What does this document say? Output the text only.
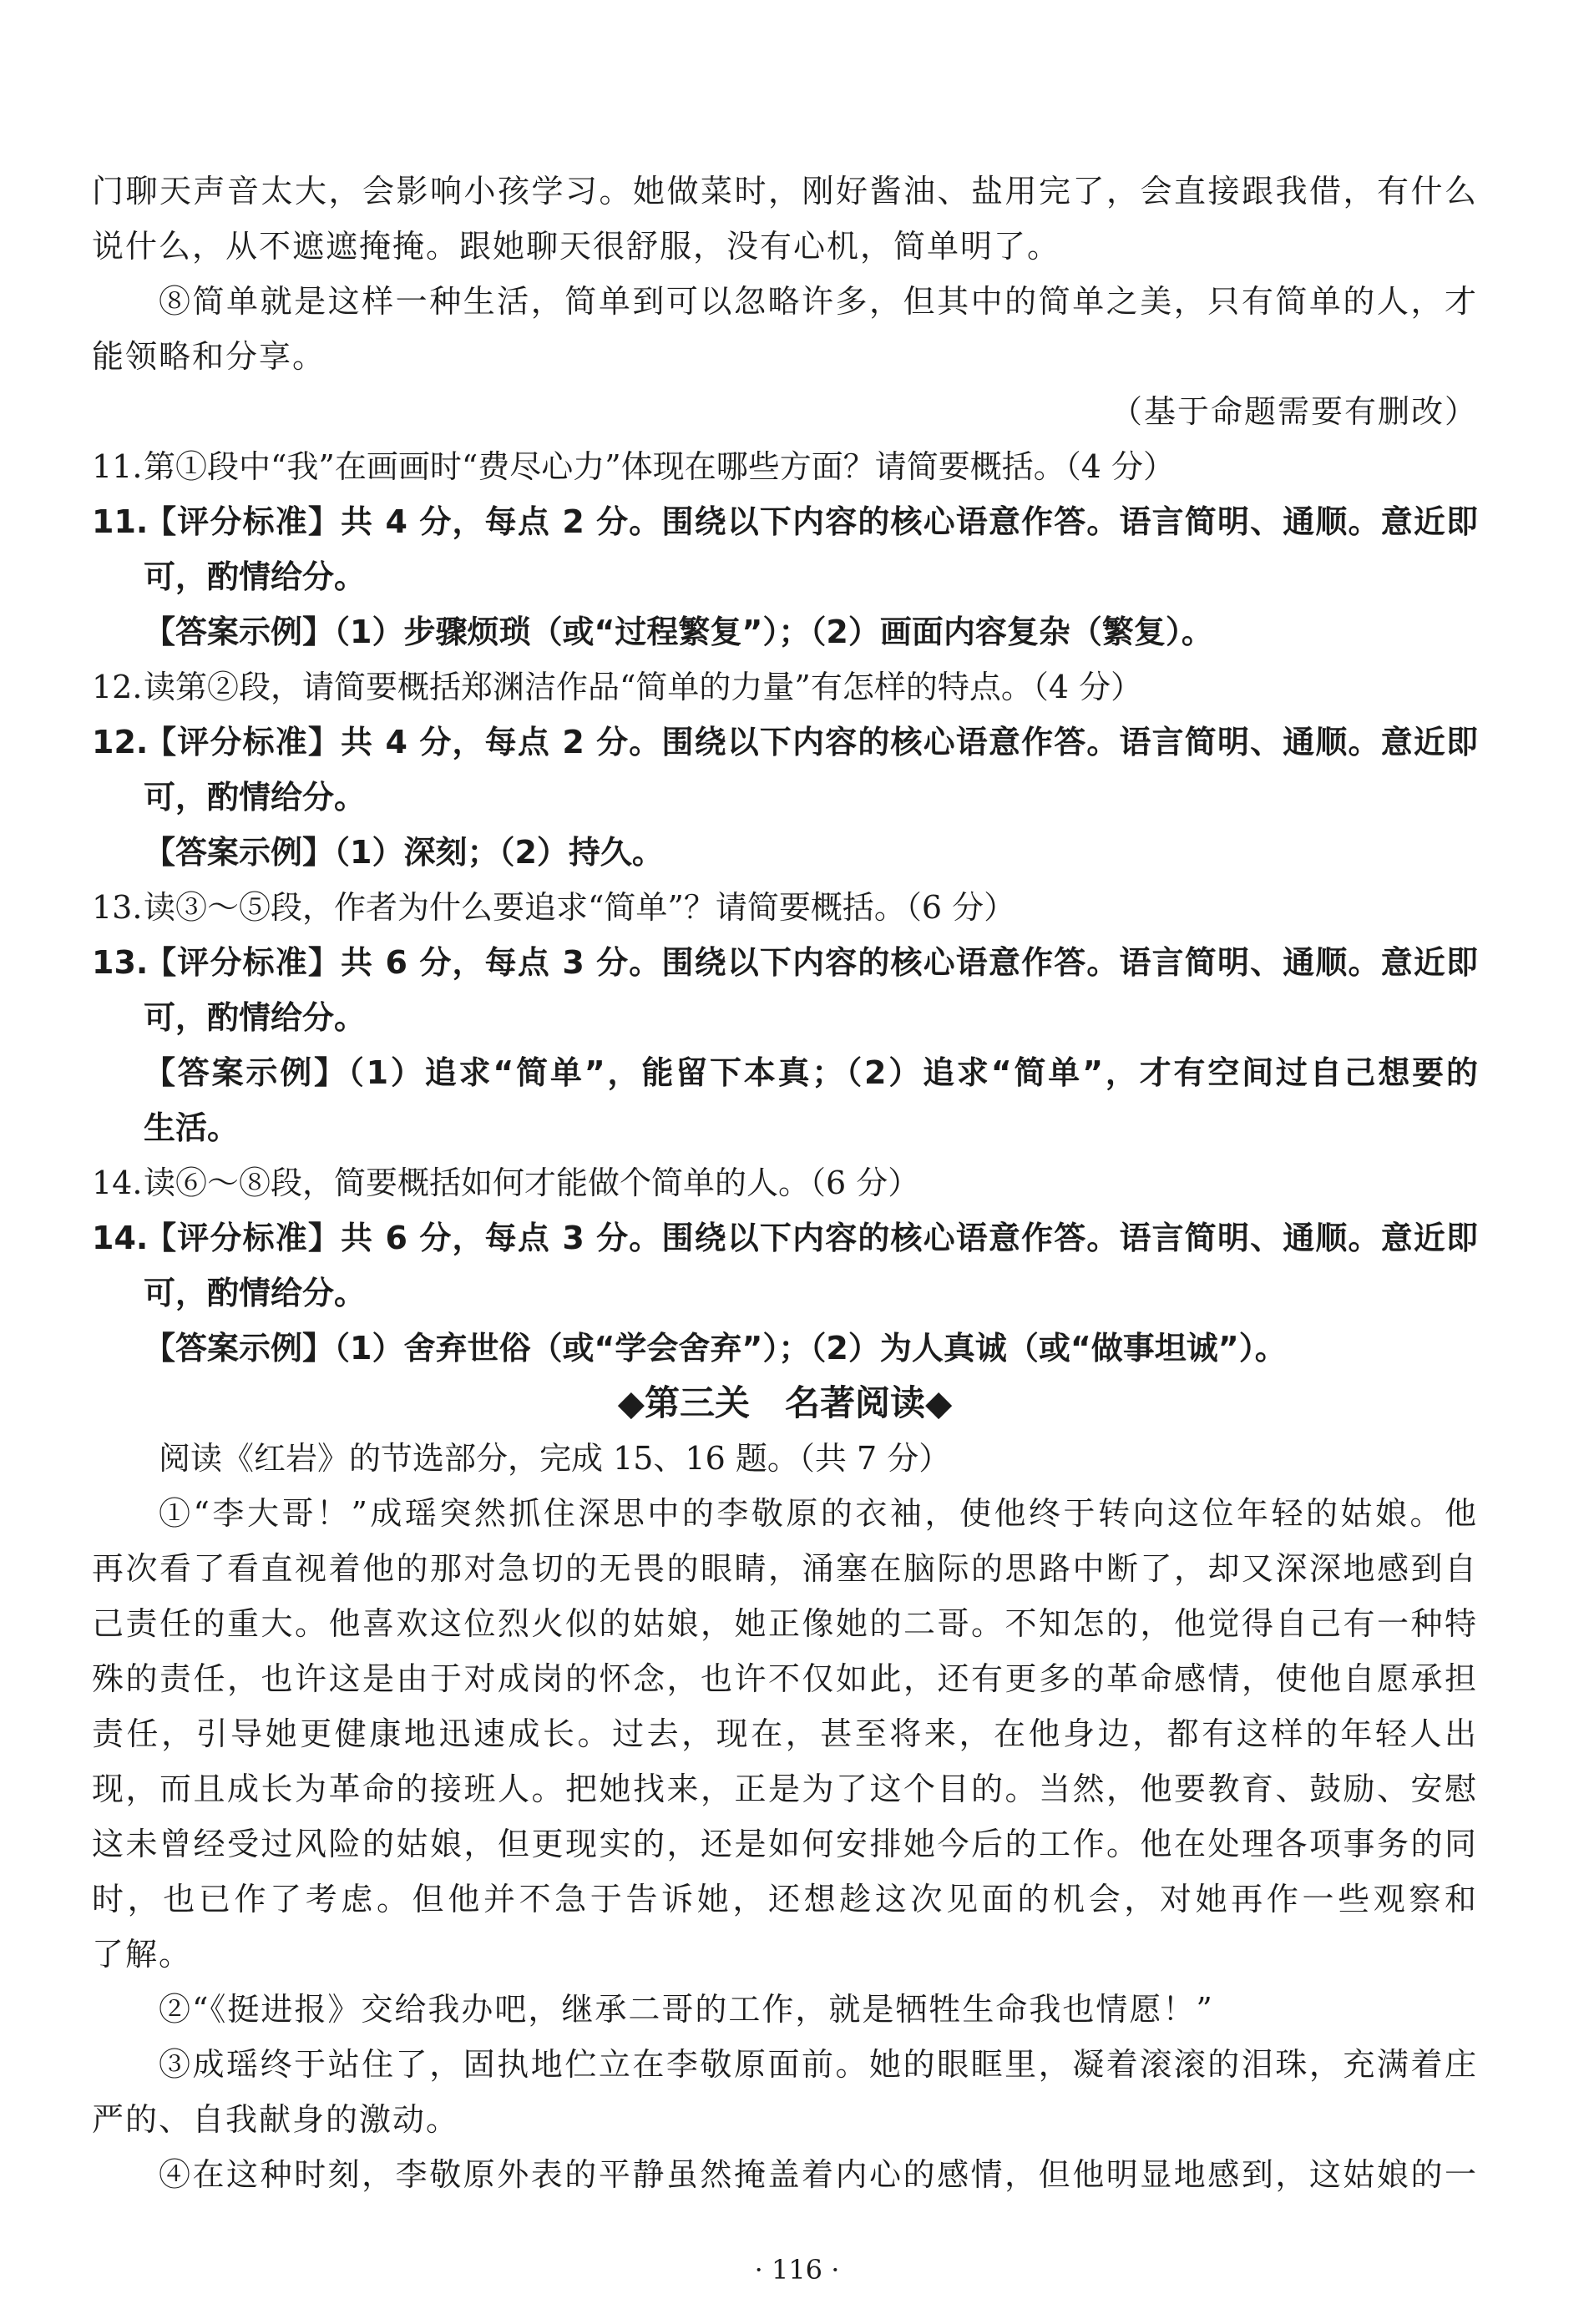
门聊天声音太大，会影响小孩学习。她做菜时，刚好酱油、盐用完了，会直接跟我借，有什么
说什么，从不遮遮掩掩。跟她聊天很舒服，没有心机，简单明了。
⑧简单就是这样一种生活，简单到可以忽略许多，但其中的简单之美，只有简单的人，才
能领略和分享。
（基于命题需要有删改）
11.第①段中“我”在画画时“费尽心力”体现在哪些方面？请简要概括。（4 分）
11.【评分标准】共 4 分，每点 2 分。围绕以下内容的核心语意作答。语言简明、通顺。意近即
可，酌情给分。
【答案示例】（1）步骤烦琐（或“过程繁复”）；（2）画面内容复杂（繁复）。
12.读第②段，请简要概括郑渊洁作品“简单的力量”有怎样的特点。（4 分）
12.【评分标准】共 4 分，每点 2 分。围绕以下内容的核心语意作答。语言简明、通顺。意近即
可，酌情给分。
【答案示例】（1）深刻；（2）持久。
13.读③～⑤段，作者为什么要追求“简单”？请简要概括。（6 分）
13.【评分标准】共 6 分，每点 3 分。围绕以下内容的核心语意作答。语言简明、通顺。意近即
可，酌情给分。
【答案示例】（1）追求“简单”，能留下本真；（2）追求“简单”，才有空间过自己想要的
生活。
14.读⑥～⑧段，简要概括如何才能做个简单的人。（6 分）
14.【评分标准】共 6 分，每点 3 分。围绕以下内容的核心语意作答。语言简明、通顺。意近即
可，酌情给分。
【答案示例】（1）舍弃世俗（或“学会舍弃”）；（2）为人真诚（或“做事坦诚”）。
◆第三关　名著阅读◆
阅读《红岩》的节选部分，完成 15、16 题。（共 7 分）
①“李大哥！”成瑶突然抓住深思中的李敬原的衣袖，使他终于转向这位年轻的姑娘。他
再次看了看直视着他的那对急切的无畏的眼睛，涌塞在脑际的思路中断了，却又深深地感到自
己责任的重大。他喜欢这位烈火似的姑娘，她正像她的二哥。不知怎的，他觉得自己有一种特
殊的责任，也许这是由于对成岗的怀念，也许不仅如此，还有更多的革命感情，使他自愿承担
责任，引导她更健康地迅速成长。过去，现在，甚至将来，在他身边，都有这样的年轻人出
现，而且成长为革命的接班人。把她找来，正是为了这个目的。当然，他要教育、鼓励、安慰
这未曾经受过风险的姑娘，但更现实的，还是如何安排她今后的工作。他在处理各项事务的同
时，也已作了考虑。但他并不急于告诉她，还想趁这次见面的机会，对她再作一些观察和
了解。
②“《挺进报》交给我办吧，继承二哥的工作，就是牺牲生命我也情愿！”
③成瑶终于站住了，固执地伫立在李敬原面前。她的眼眶里，凝着滚滚的泪珠，充满着庄
严的、自我献身的激动。
④在这种时刻，李敬原外表的平静虽然掩盖着内心的感情，但他明显地感到，这姑娘的一
· 116 ·
